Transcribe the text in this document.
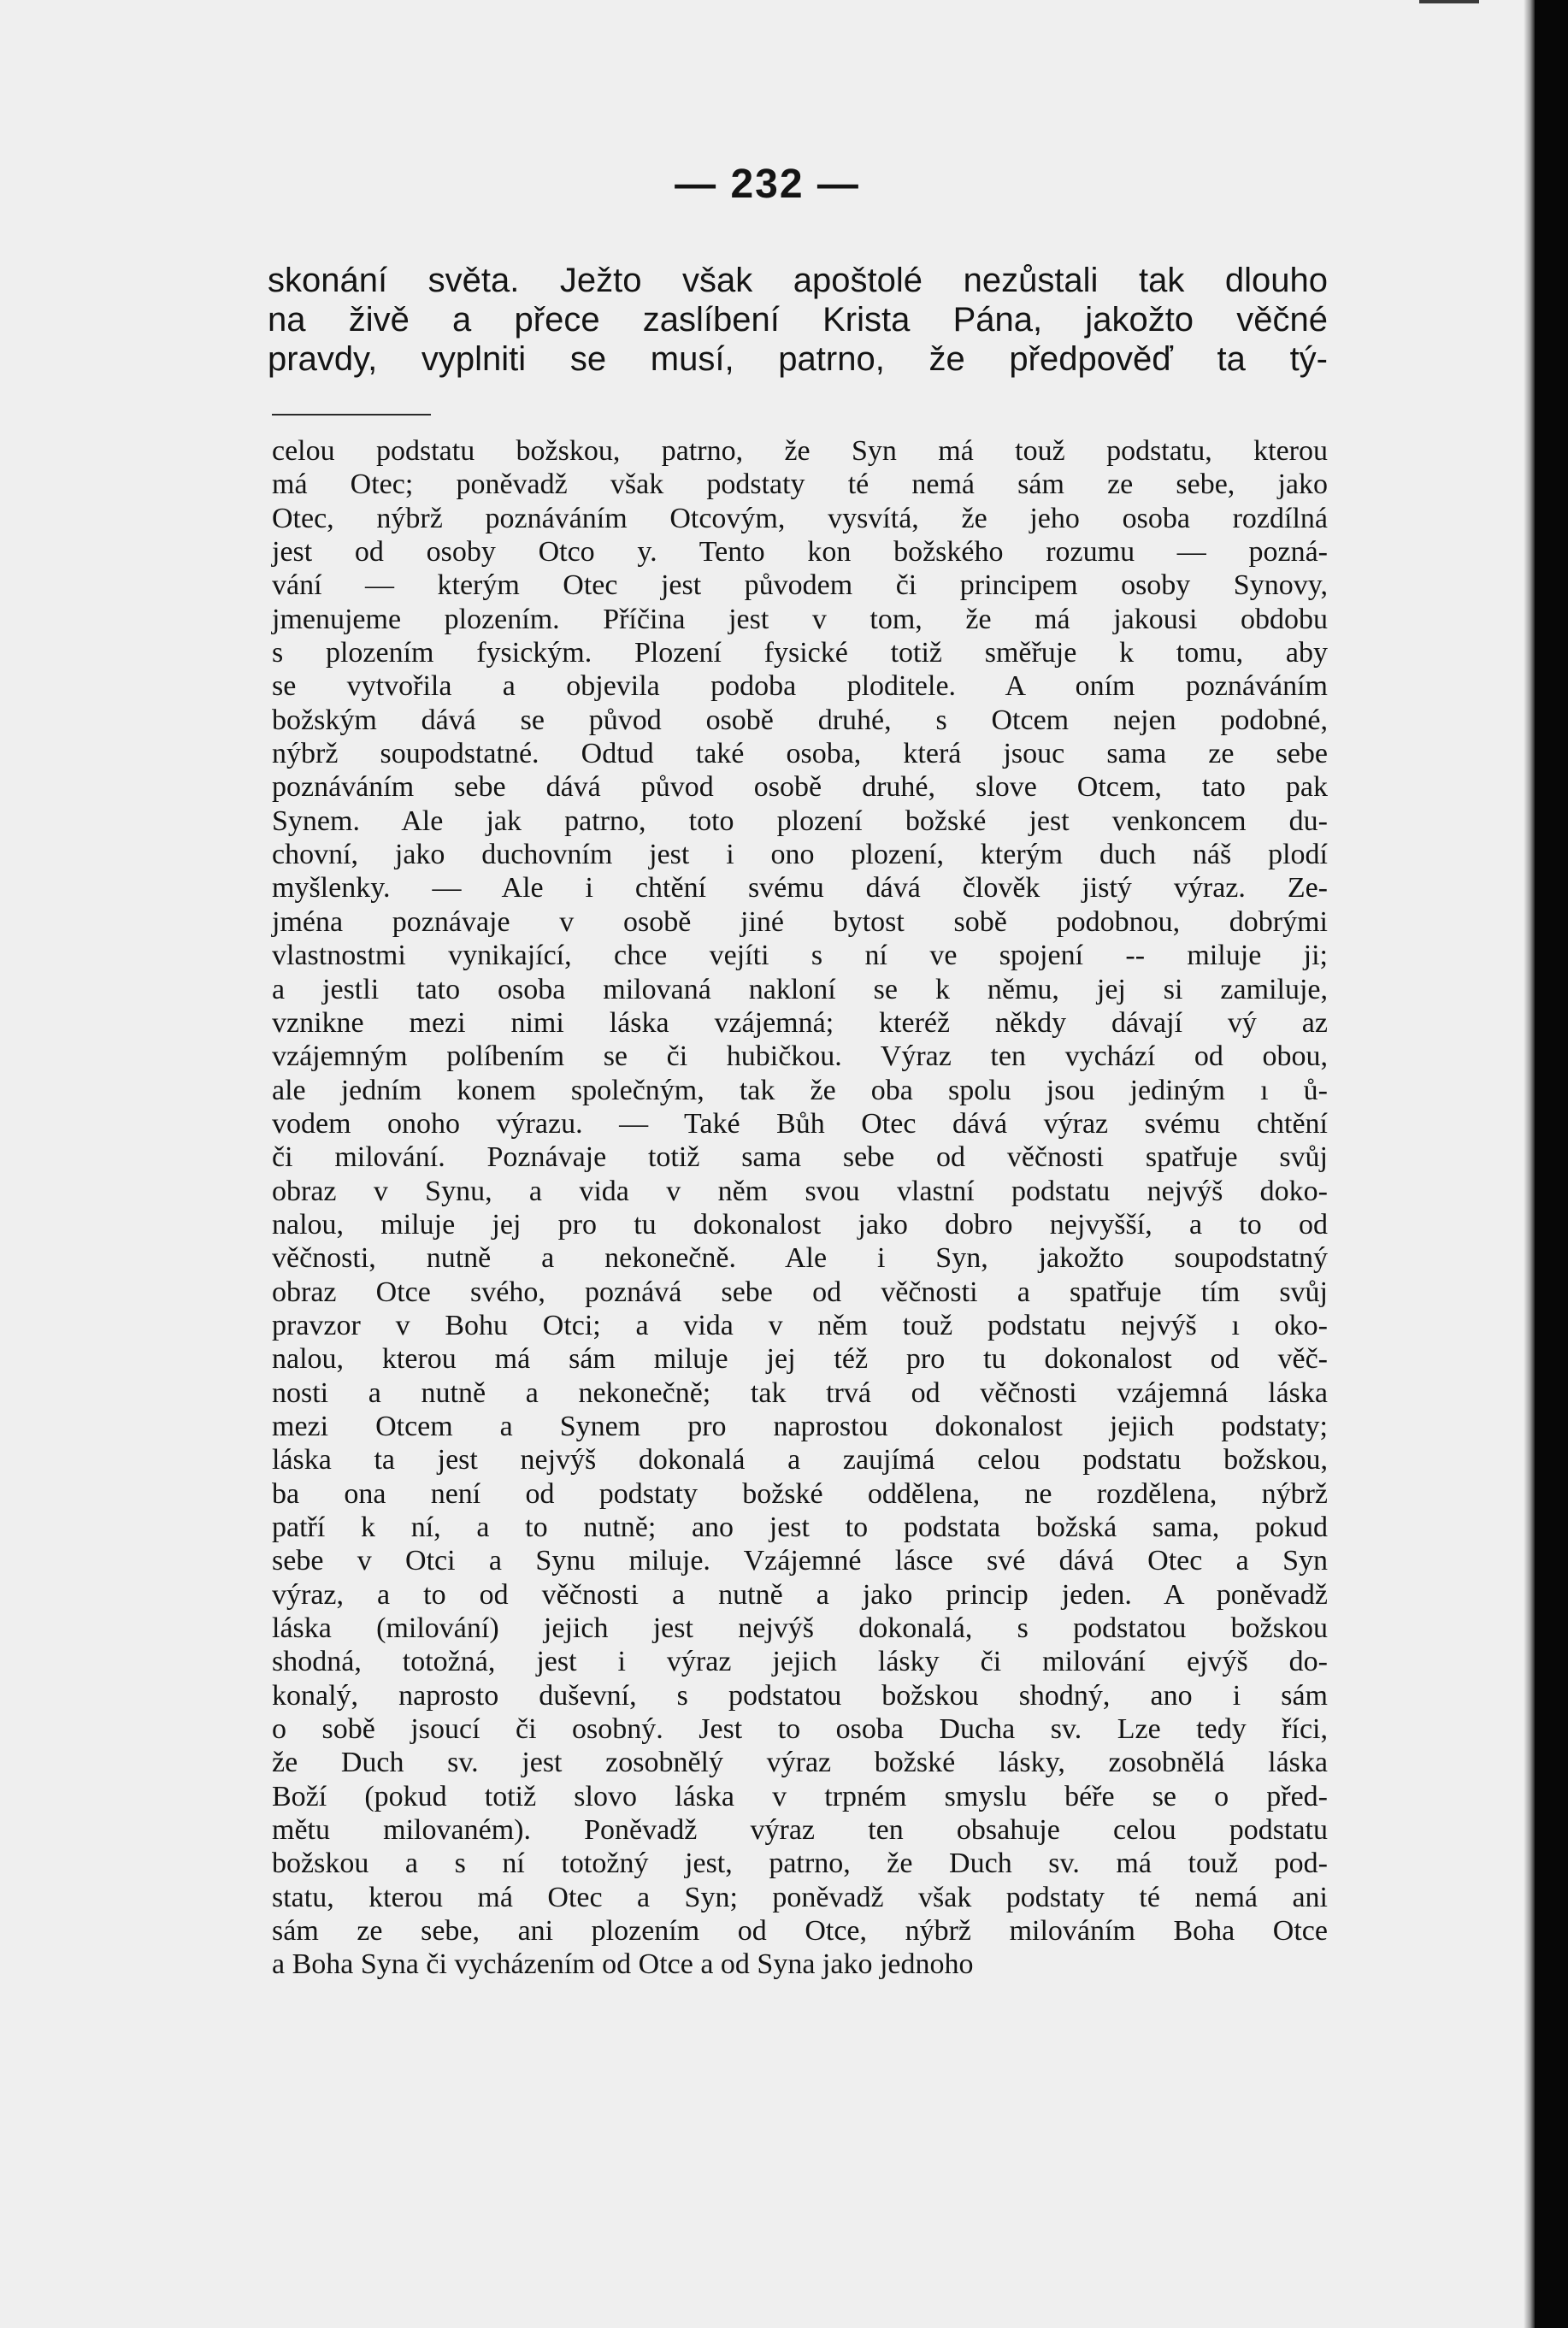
— 232 —
skonání světa. Ježto však apoštolé nezůstali tak dlouho
na živě a přece zaslíbení Krista Pána, jakožto věčné
pravdy, vyplniti se musí, patrno, že předpověď ta tý-
celou podstatu božskou, patrno, že Syn má touž podstatu, kterou
má Otec; poněvadž však podstaty té nemá sám ze sebe, jako
Otec, nýbrž poznáváním Otcovým, vysvítá, že jeho osoba rozdílná
jest od osoby Otco y. Tento kon božského rozumu — pozná-
vání — kterým Otec jest původem či principem osoby Synovy,
jmenujeme plozením. Příčina jest v tom, že má jakousi obdobu
s plozením fysickým. Plození fysické totiž směřuje k tomu, aby
se vytvořila a objevila podoba ploditele. A oním poznáváním
božským dává se původ osobě druhé, s Otcem nejen podobné,
nýbrž soupodstatné. Odtud také osoba, která jsouc sama ze sebe
poznáváním sebe dává původ osobě druhé, slove Otcem, tato pak
Synem. Ale jak patrno, toto plození božské jest venkoncem du-
chovní, jako duchovním jest i ono plození, kterým duch náš plodí
myšlenky. — Ale i chtění svému dává člověk jistý výraz. Ze-
jména poznávaje v osobě jiné bytost sobě podobnou, dobrými
vlastnostmi vynikající, chce vejíti s ní ve spojení -- miluje ji;
a jestli tato osoba milovaná nakloní se k němu, jej si zamiluje,
vznikne mezi nimi láska vzájemná; kteréž někdy dávají vý az
vzájemným políbením se či hubičkou. Výraz ten vychází od obou,
ale jedním konem společným, tak že oba spolu jsou jediným ı ů-
vodem onoho výrazu. — Také Bůh Otec dává výraz svému chtění
či milování. Poznávaje totiž sama sebe od věčnosti spatřuje svůj
obraz v Synu, a vida v něm svou vlastní podstatu nejvýš doko-
nalou, miluje jej pro tu dokonalost jako dobro nejvyšší, a to od
věčnosti, nutně a nekonečně. Ale i Syn, jakožto soupodstatný
obraz Otce svého, poznává sebe od věčnosti a spatřuje tím svůj
pravzor v Bohu Otci; a vida v něm touž podstatu nejvýš ı oko-
nalou, kterou má sám miluje jej též pro tu dokonalost od věč-
nosti a nutně a nekonečně; tak trvá od věčnosti vzájemná láska
mezi Otcem a Synem pro naprostou dokonalost jejich podstaty;
láska ta jest nejvýš dokonalá a zaujímá celou podstatu božskou,
ba ona není od podstaty božské oddělena, ne rozdělena, nýbrž
patří k ní, a to nutně; ano jest to podstata božská sama, pokud
sebe v Otci a Synu miluje. Vzájemné lásce své dává Otec a Syn
výraz, a to od věčnosti a nutně a jako princip jeden. A poněvadž
láska (milování) jejich jest nejvýš dokonalá, s podstatou božskou
shodná, totožná, jest i výraz jejich lásky či milování ejvýš do-
konalý, naprosto duševní, s podstatou božskou shodný, ano i sám
o sobě jsoucí či osobný. Jest to osoba Ducha sv. Lze tedy říci,
že Duch sv. jest zosobnělý výraz božské lásky, zosobnělá láska
Boží (pokud totiž slovo láska v trpném smyslu béře se o před-
mětu milovaném). Poněvadž výraz ten obsahuje celou podstatu
božskou a s ní totožný jest, patrno, že Duch sv. má touž pod-
statu, kterou má Otec a Syn; poněvadž však podstaty té nemá ani
sám ze sebe, ani plozením od Otce, nýbrž milováním Boha Otce
a Boha Syna či vycházením od Otce a od Syna jako jednoho
